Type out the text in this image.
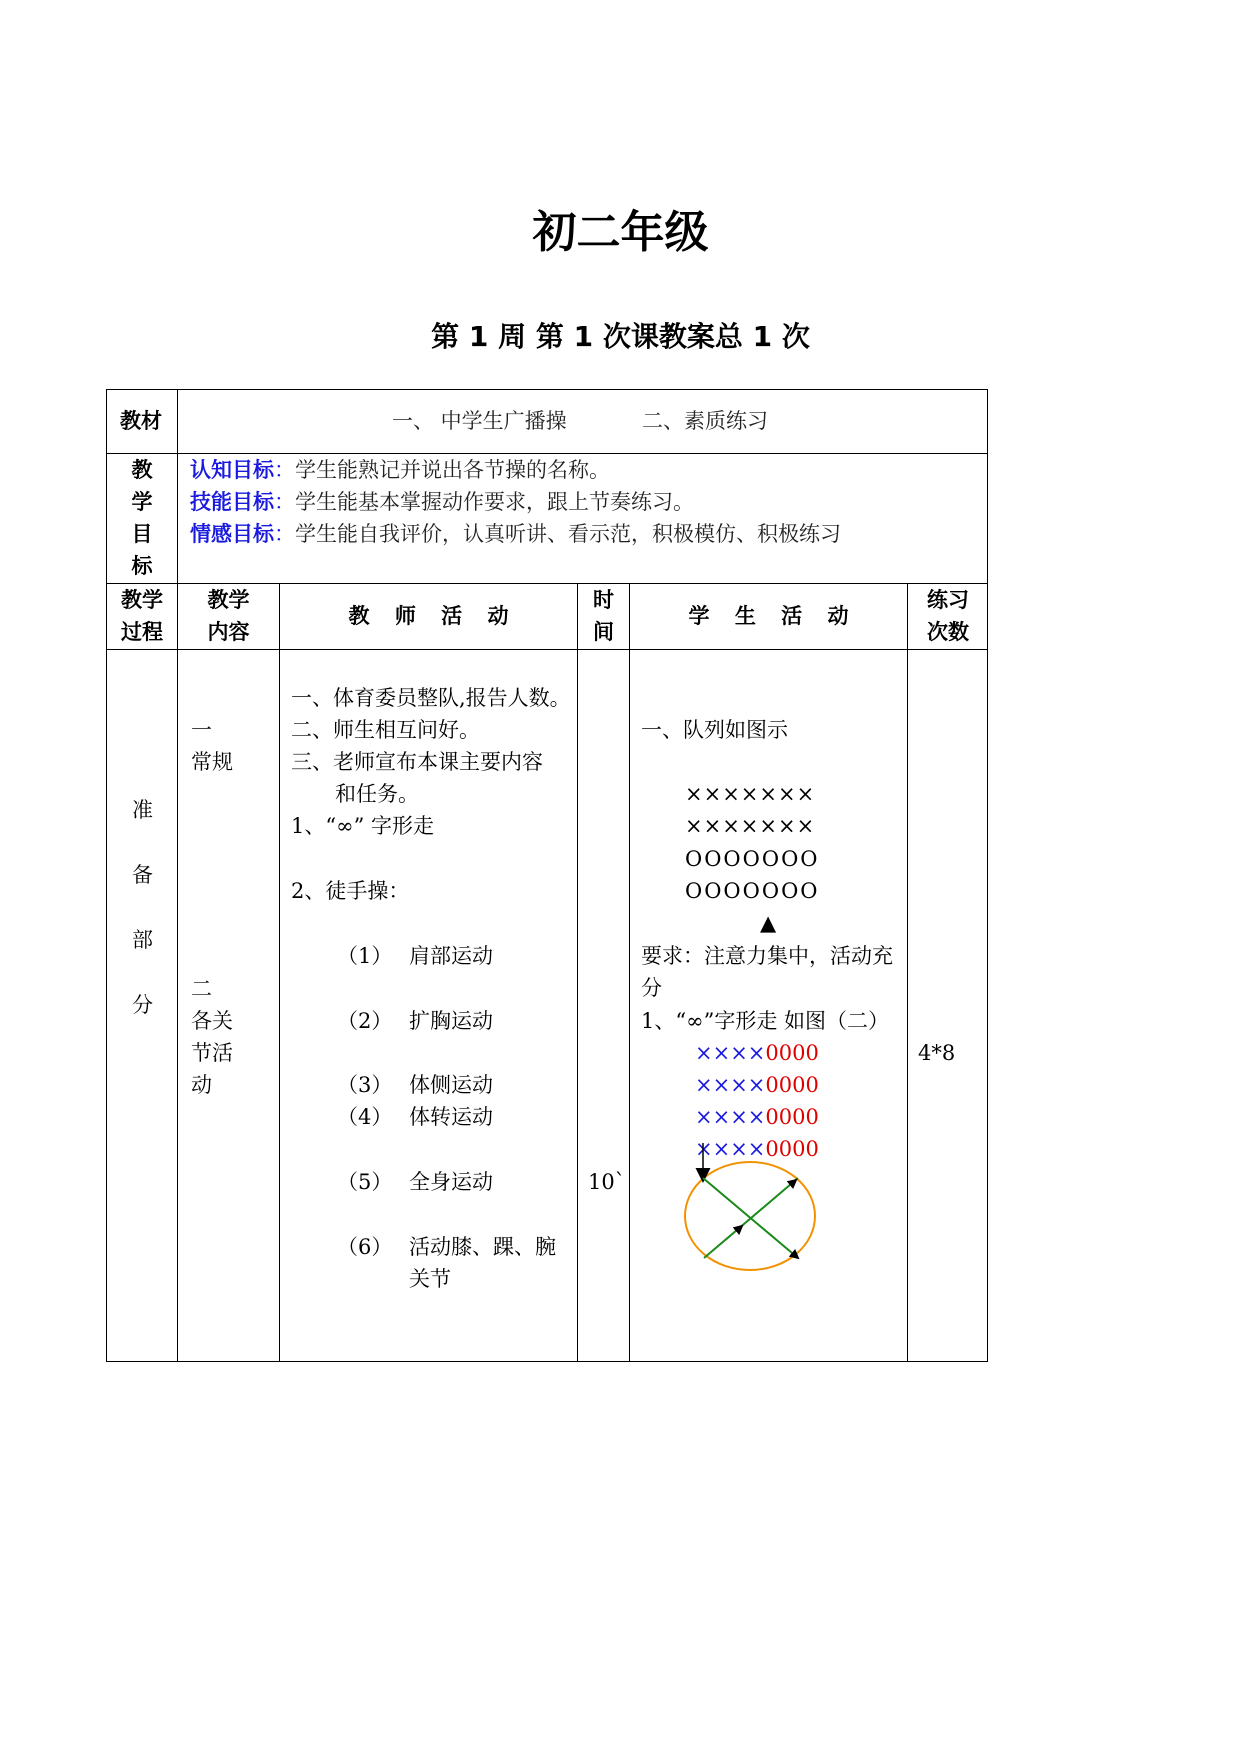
初二年级
第 1 周 第 1 次课教案总 1 次
教材	一、 中学生广播操	二、素质练习
教
学
目
标
认知目标：学生能熟记并说出各节操的名称。
技能目标：学生能基本掌握动作要求，跟上节奏练习。
情感目标：学生能自我评价，认真听讲、看示范，积极模仿、积极练习
教学
过程
教学
内容
教 师 活 动
时
间
学 生 活 动
练习
次数
准
备
部
分
一
常规
二
各关
节活
动
一、体育委员整队,报告人数。
二、师生相互问好。
三、老师宣布本课主要内容
和任务。
1、“∞” 字形走
2、徒手操：
（1） 肩部运动
（2） 扩胸运动
（3） 体侧运动
（4） 体转运动
（5） 全身运动
（6） 活动膝、踝、腕
关节
10`
一、队列如图示
×××××××
×××××××
OOOOOOO
OOOOOOO
▲
要求：注意力集中，活动充
分
1、“∞”字形走 如图（二）
××××0000
××××0000
××××0000
××××0000
4*8
